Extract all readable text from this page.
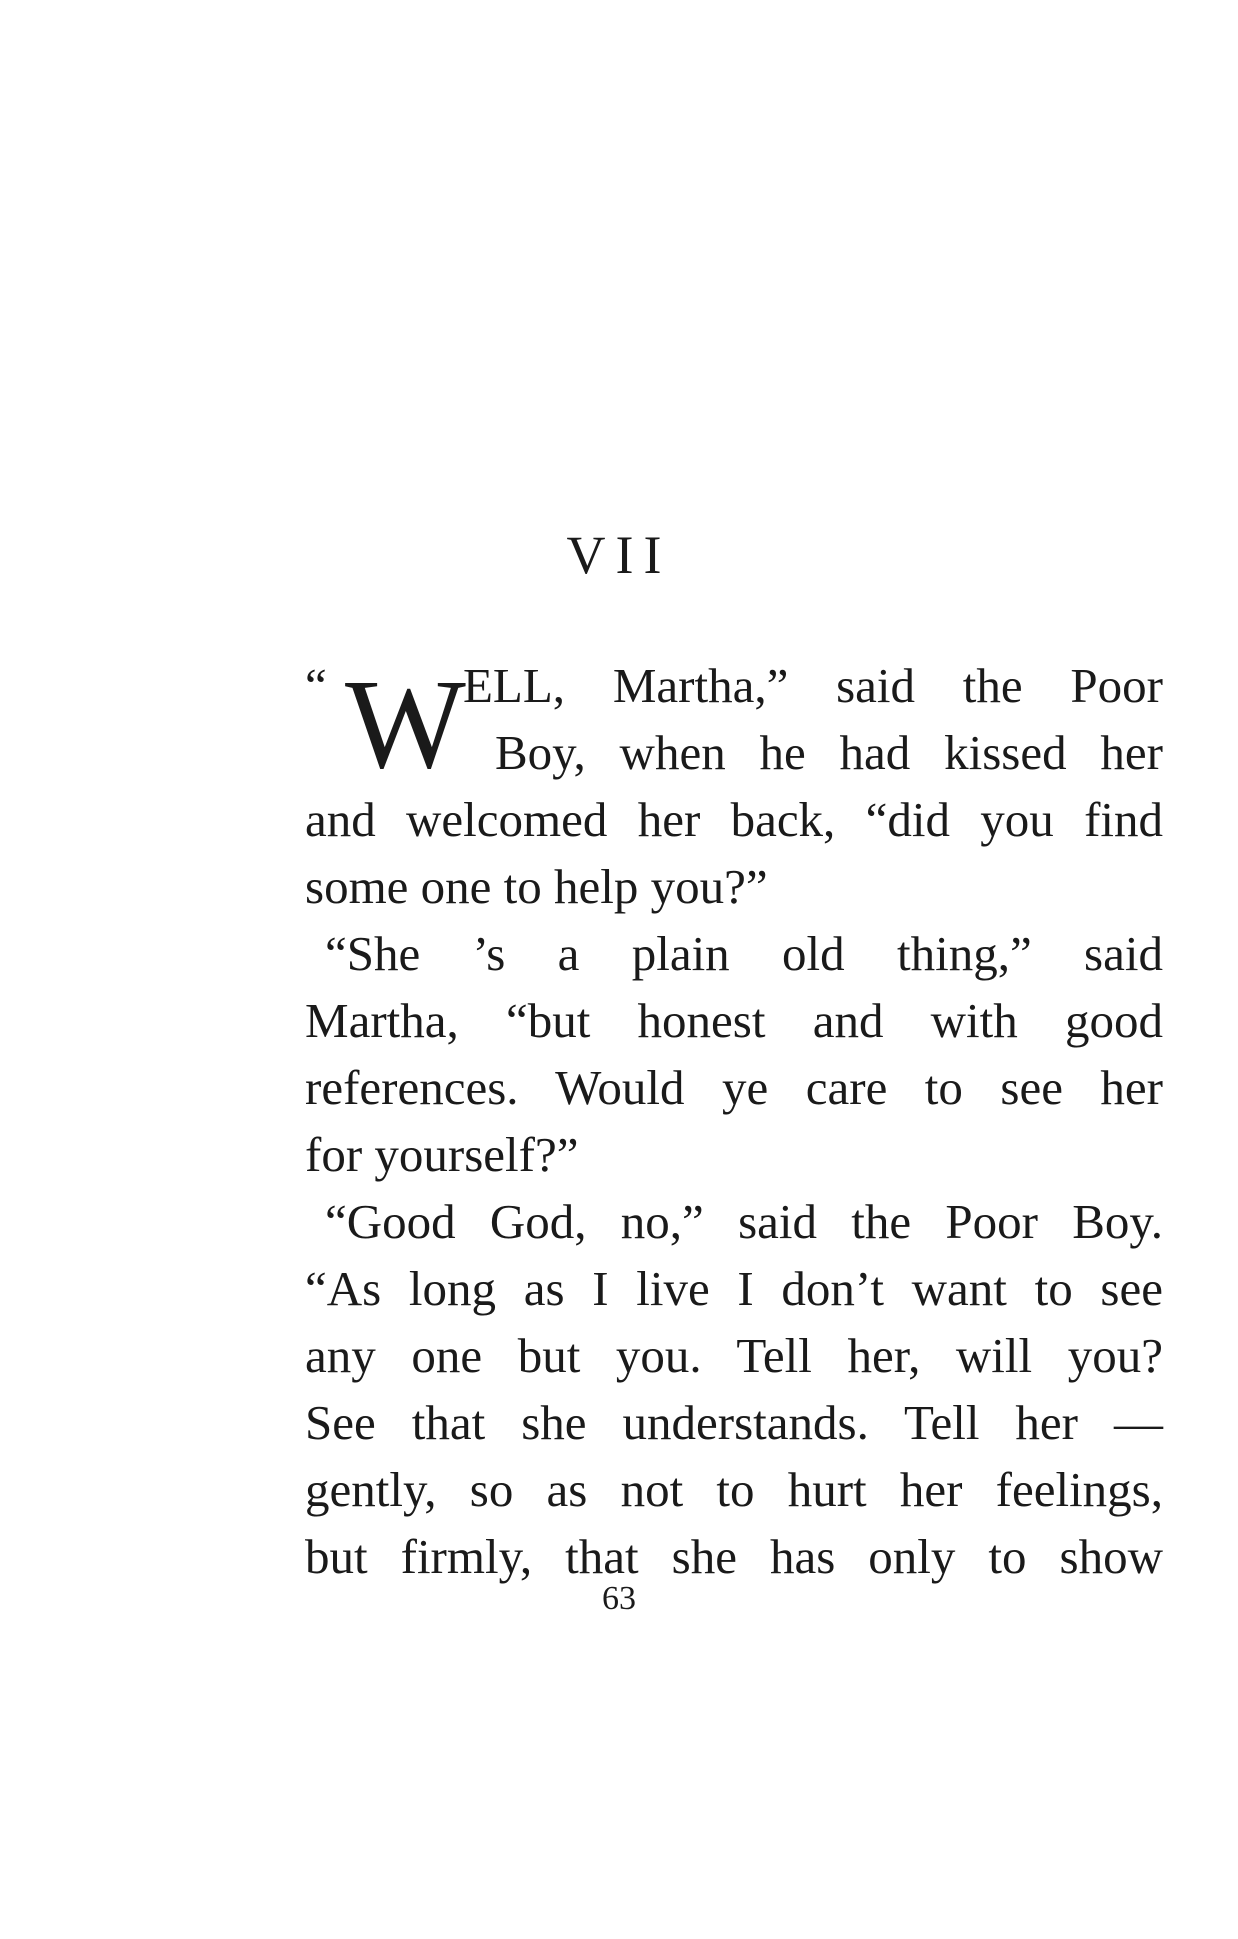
VII
“ W
ELL, Martha,” said the Poor
Boy, when he had kissed her
and welcomed her back, “did you find
some one to help you?”
“She ’s a plain old thing,” said
Martha, “but honest and with good
references. Would ye care to see her
for yourself?”
“Good God, no,” said the Poor Boy.
“As long as I live I don’t want to see
any one but you. Tell her, will you?
See that she understands. Tell her —
gently, so as not to hurt her feelings,
but firmly, that she has only to show
63
